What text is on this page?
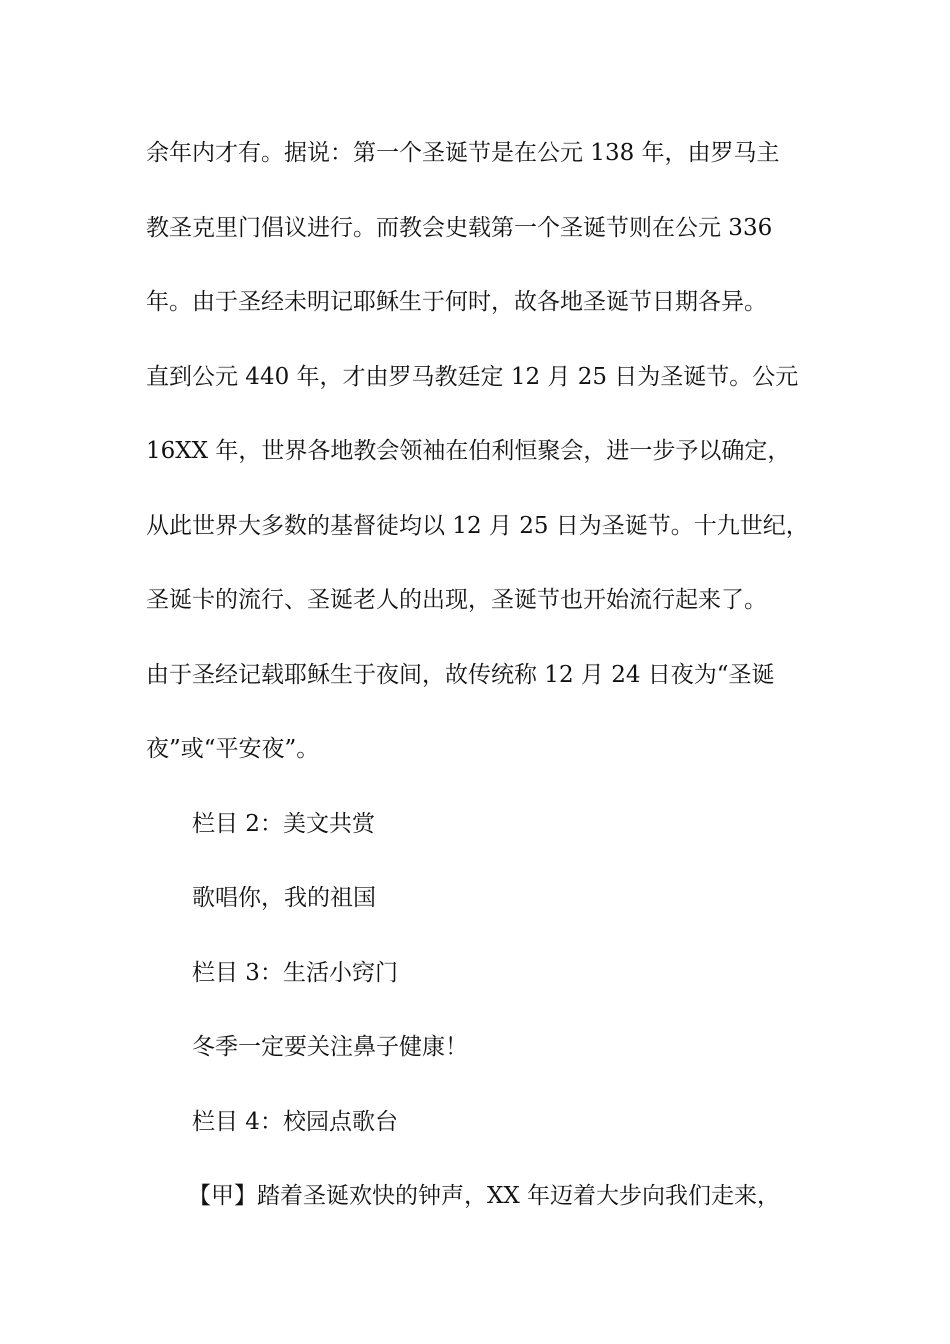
余年内才有。据说：第一个圣诞节是在公元 138 年，由罗马主
教圣克里门倡议进行。而教会史载第一个圣诞节则在公元 336
年。由于圣经未明记耶稣生于何时，故各地圣诞节日期各异。
直到公元 440 年，才由罗马教廷定 12 月 25 日为圣诞节。公元
16XX 年，世界各地教会领袖在伯利恒聚会，进一步予以确定，
从此世界大多数的基督徒均以 12 月 25 日为圣诞节。十九世纪，
圣诞卡的流行、圣诞老人的出现，圣诞节也开始流行起来了。
由于圣经记载耶稣生于夜间，故传统称 12 月 24 日夜为“圣诞
夜”或“平安夜”。
栏目 2：美文共赏
歌唱你，我的祖国
栏目 3：生活小窍门
冬季一定要关注鼻子健康！
栏目 4：校园点歌台
【甲】踏着圣诞欢快的钟声，XX 年迈着大步向我们走来，
